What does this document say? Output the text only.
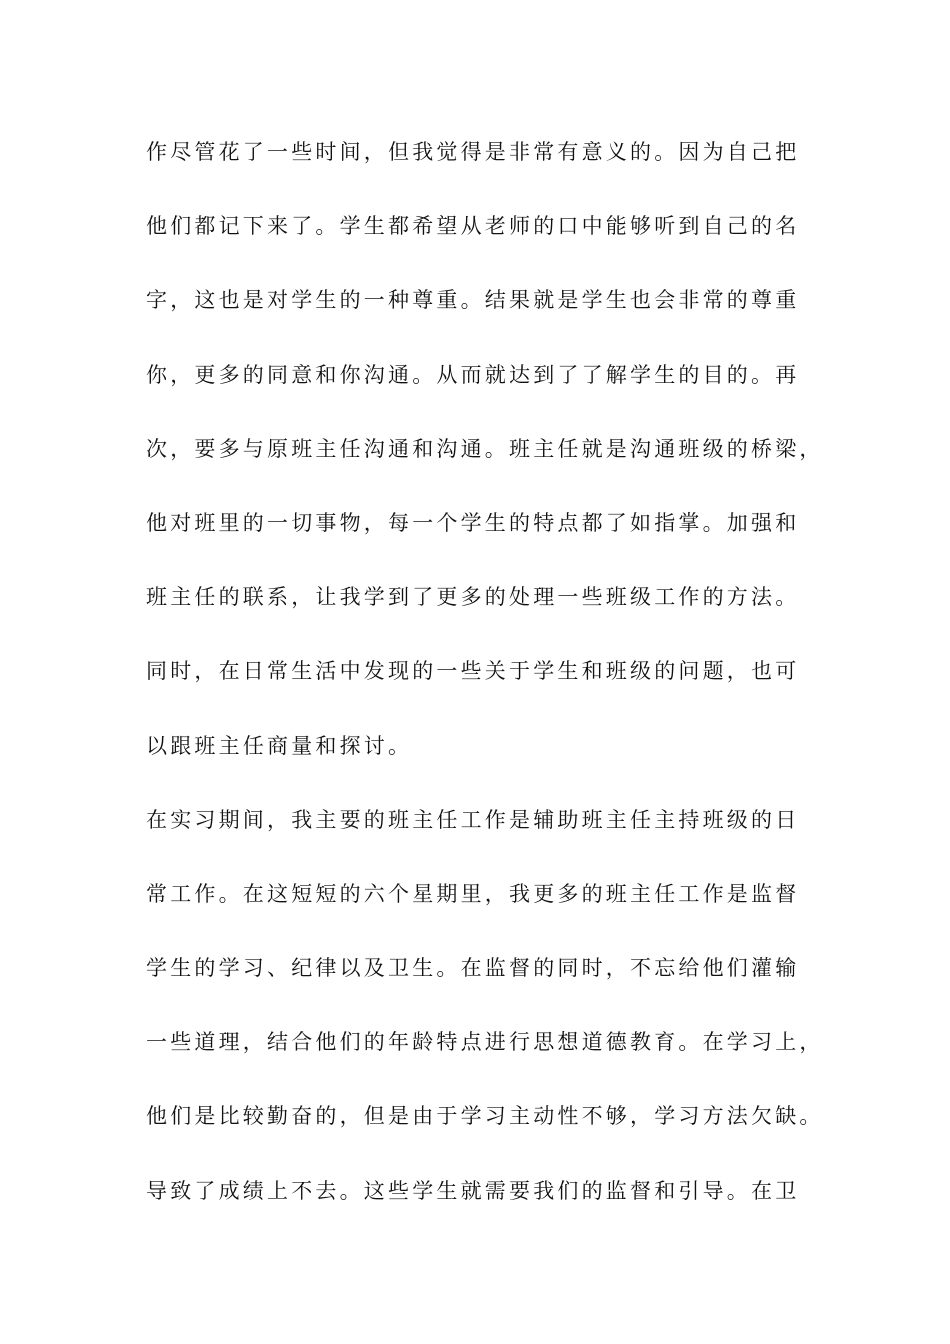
作尽管花了一些时间，但我觉得是非常有意义的。因为自己把
他们都记下来了。学生都希望从老师的口中能够听到自己的名
字，这也是对学生的一种尊重。结果就是学生也会非常的尊重
你，更多的同意和你沟通。从而就达到了了解学生的目的。再
次，要多与原班主任沟通和沟通。班主任就是沟通班级的桥梁，
他对班里的一切事物，每一个学生的特点都了如指掌。加强和
班主任的联系，让我学到了更多的处理一些班级工作的方法。
同时，在日常生活中发现的一些关于学生和班级的问题，也可
以跟班主任商量和探讨。
在实习期间，我主要的班主任工作是辅助班主任主持班级的日
常工作。在这短短的六个星期里，我更多的班主任工作是监督
学生的学习、纪律以及卫生。在监督的同时，不忘给他们灌输
一些道理，结合他们的年龄特点进行思想道德教育。在学习上，
他们是比较勤奋的，但是由于学习主动性不够，学习方法欠缺。
导致了成绩上不去。这些学生就需要我们的监督和引导。在卫
